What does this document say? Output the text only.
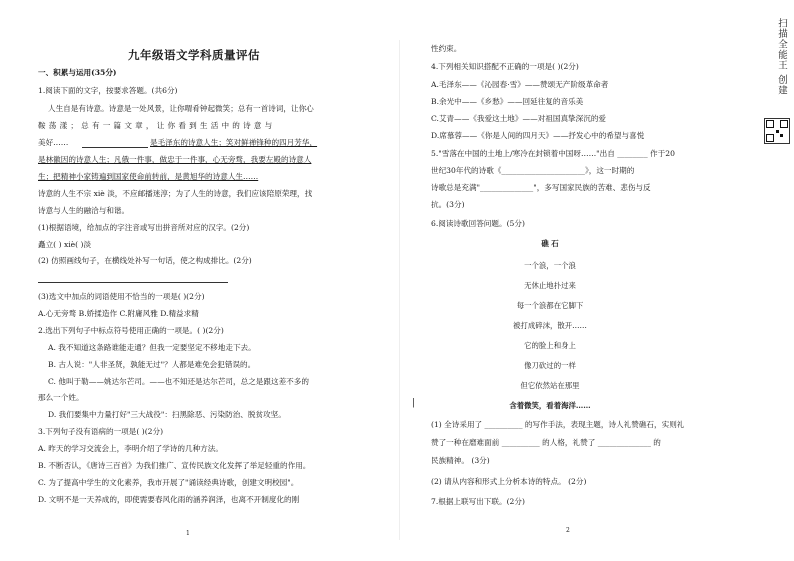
九年级语文学科质量评估
一、积累与运用(35分)
1.阅读下面的文字，按要求答题。(共6分)
人生自是有诗意。诗意是一处风景，让你喟肴钟起微笑；总有一首诗词，让你心
鞍荡漾；总有一篇文章，让你看到生活中的诗意与
美好……	是毛泽东的诗意人生；笑对鲜禅锋种的四月芳华，
是林徽因的诗意人生；凡俄一件事，做忠于一件事，心无旁骛，我要左殿的诗意人
生；把精神小家铸遍到国家使命前转前，是黄旭华的诗意人生……
诗意的人生不宗 xiè 淡，不应邮播迷淳；为了人生的诗意，我们应该陪原荣理，找
诗意与人生的融洽与和谐。
(1)根据语境，给加点的字注音或写出拼音所对应的汉字。(2分)
矗立( ) xiè( )淡
(2) 仿照画线句子，在横线处补写一句话，使之构成排比。(2分)
(3)选文中加点的词语使用不恰当的一项是( )(2分)
A.心无旁骛 B.娇揉造作 C.附庸风雅 D.精益求精
2.选出下列句子中标点符号使用正确的一项是。( )(2分)
A. 我不知道这条路谁能走通？但我一定要坚定不移地走下去。
B. 古人说："人非圣贤，孰能无过"？人都是难免会犯错误的。
C. 他叫于勒——姚达尔芒司。——也不知还是达尔芒司，总之是跟这差不多的
那么一个姓。
D. 我们要集中力量打好"三大战役"：扫黑除恶、污染防治、脱贫攻坚。
3.下列句子没有语病的一项是( )(2分)
A. 昨天的学习交流会上，李明介绍了学诗的几种方法。
B. 不断否认，《唐诗三百首》为我们推广、宣传民族文化发挥了举足轻重的作用。
C. 为了提高中学生的文化素养，我市开展了"诵读经典诗歌，创建文明校园"。
D. 文明不是一天养成的，即使需要春风化雨的涵养润泽，也离不开制度化的刚
1
性约束。
4.下列相关知识搭配不正确的一项是( )(2分)
A.毛泽东——《沁园春·雪》——赞颂无产阶级革命者
B.余光中——《乡愁》——回延往复的音乐美
C.艾青——《我爱这土地》——对祖国真挚深沉的爱
D.席慕蓉——《你是人间的四月天》——抒发心中的希望与喜悦
5."雪落在中国的土地上/寒冷在封锁着中国呀……"出自 ________ 作于20
世纪30年代的诗歌《______________________》，这一时期的
诗歌总是充满"______________"，多写国家民族的苦难、悲伤与反
抗。(3分)
6.阅读诗歌回答问题。(5分)
礁 石
一个浪，一个浪
无休止地扑过来
每一个浪都在它脚下
被打成碎沫，散开……
它的脸上和身上
像刀砍过的一样
但它依然站在那里
含着微笑，看着海洋……
(1) 全诗采用了 __________ 的写作手法，表现主题，诗人礼赞礁石，实则礼
赞了一种在磨难面前 __________ 的人格，礼赞了 ______________ 的
民族精神。 (3分)
(2) 请从内容和形式上分析本诗的特点。 (2分)
7.根据上联写出下联。(2分)
2
|
扫描全能王 创建
